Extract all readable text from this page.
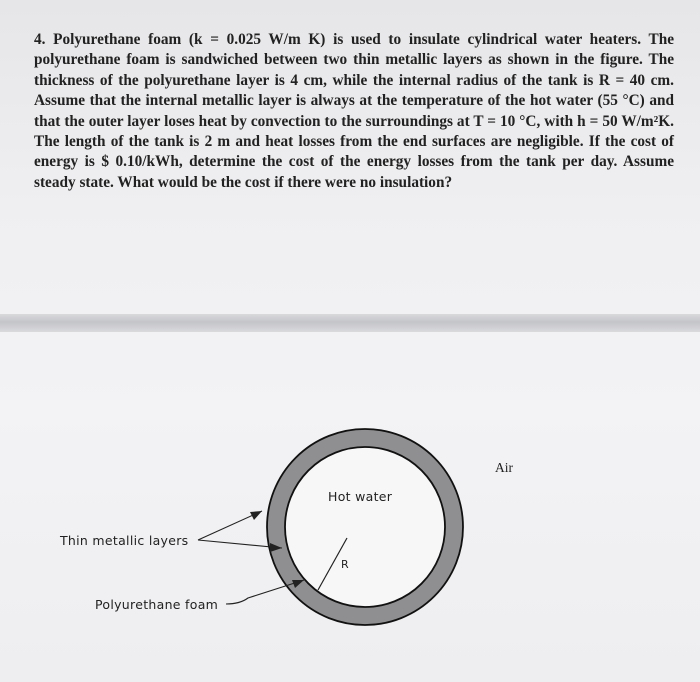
4. Polyurethane foam (k = 0.025 W/m K) is used to insulate cylindrical water heaters. The
polyurethane foam is sandwiched between two thin metallic layers as shown in the figure. The
thickness of the polyurethane layer is 4 cm, while the internal radius of the tank is R = 40 cm.
Assume that the internal metallic layer is always at the temperature of the hot water (55 °C) and
that the outer layer loses heat by convection to the surroundings at T = 10 °C, with h = 50 W/m²K.
The length of the tank is 2 m and heat losses from the end surfaces are negligible. If the cost of
energy is $ 0.10/kWh, determine the cost of the energy losses from the tank per day. Assume
steady state. What would be the cost if there were no insulation?
Air
Hot water
R
Thin metallic layers
Polyurethane foam
